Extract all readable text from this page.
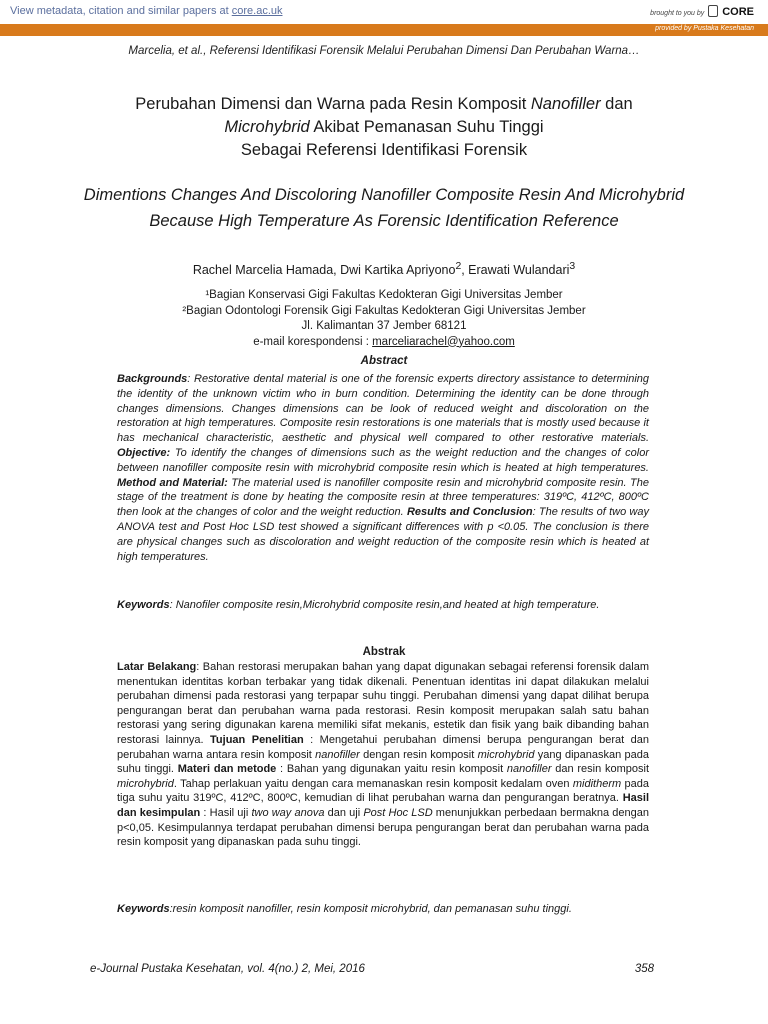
View metadata, citation and similar papers at core.ac.uk	brought to you by CORE
provided by Pustaka Kesehatan
Marcelia, et al., Referensi Identifikasi Forensik Melalui Perubahan Dimensi Dan Perubahan Warna…
Perubahan Dimensi dan Warna pada Resin Komposit Nanofiller dan
Microhybrid Akibat Pemanasan Suhu Tinggi
Sebagai Referensi Identifikasi Forensik
Dimentions Changes And Discoloring Nanofiller Composite Resin And Microhybrid Because High Temperature As Forensic Identification Reference
Rachel Marcelia Hamada, Dwi Kartika Apriyono$^2$, Erawati Wulandari$^3$
¹Bagian Konservasi Gigi Fakultas Kedokteran Gigi Universitas Jember
²Bagian Odontologi Forensik Gigi Fakultas Kedokteran Gigi Universitas Jember
Jl. Kalimantan 37 Jember 68121
e-mail korespondensi : marceliarachel@yahoo.com
Abstract
Backgrounds: Restorative dental material is one of the forensic experts directory assistance to determining the identity of the unknown victim who in burn condition. Determining the identity can be done through changes dimensions. Changes dimensions can be look of reduced weight and discoloration on the restoration at high temperatures. Composite resin restorations is one materials that is mostly used because it has mechanical characteristic, aesthetic and physical well compared to other restorative materials. Objective: To identify the changes of dimensions such as the weight reduction and the changes of color between nanofiller composite resin with microhybrid composite resin which is heated at high temperatures. Method and Material: The material used is nanofiller composite resin and microhybrid composite resin. The stage of the treatment is done by heating the composite resin at three temperatures: 319ºC, 412ºC, 800ºC then look at the changes of color and the weight reduction. Results and Conclusion: The results of two way ANOVA test and Post Hoc LSD test showed a significant differences with p <0.05. The conclusion is there are physical changes such as discoloration and weight reduction of the composite resin which is heated at high temperatures.
Keywords: Nanofiler composite resin,Microhybrid composite resin,and heated at high temperature.
Abstrak
Latar Belakang: Bahan restorasi merupakan bahan yang dapat digunakan sebagai referensi forensik dalam menentukan identitas korban terbakar yang tidak dikenali. Penentuan identitas ini dapat dilakukan melalui perubahan dimensi pada restorasi yang terpapar suhu tinggi. Perubahan dimensi yang dapat dilihat berupa pengurangan berat dan perubahan warna pada restorasi. Resin komposit merupakan salah satu bahan restorasi yang sering digunakan karena memiliki sifat mekanis, estetik dan fisik yang baik dibanding bahan restorasi lainnya. Tujuan Penelitian : Mengetahui perubahan dimensi berupa pengurangan berat dan perubahan warna antara resin komposit nanofiller dengan resin komposit microhybrid yang dipanaskan pada suhu tinggi. Materi dan metode : Bahan yang digunakan yaitu resin komposit nanofiller dan resin komposit microhybrid. Tahap perlakuan yaitu dengan cara memanaskan resin komposit kedalam oven miditherm pada tiga suhu yaitu 319ºC, 412ºC, 800ºC, kemudian di lihat perubahan warna dan pengurangan beratnya. Hasil dan kesimpulan : Hasil uji two way anova dan uji Post Hoc LSD menunjukkan perbedaan bermakna dengan p<0,05. Kesimpulannya terdapat perubahan dimensi berupa pengurangan berat dan perubahan warna pada resin komposit yang dipanaskan pada suhu tinggi.
Keywords:resin komposit nanofiller, resin komposit microhybrid, dan pemanasan suhu tinggi.
e-Journal Pustaka Kesehatan, vol. 4(no.) 2, Mei, 2016	358
